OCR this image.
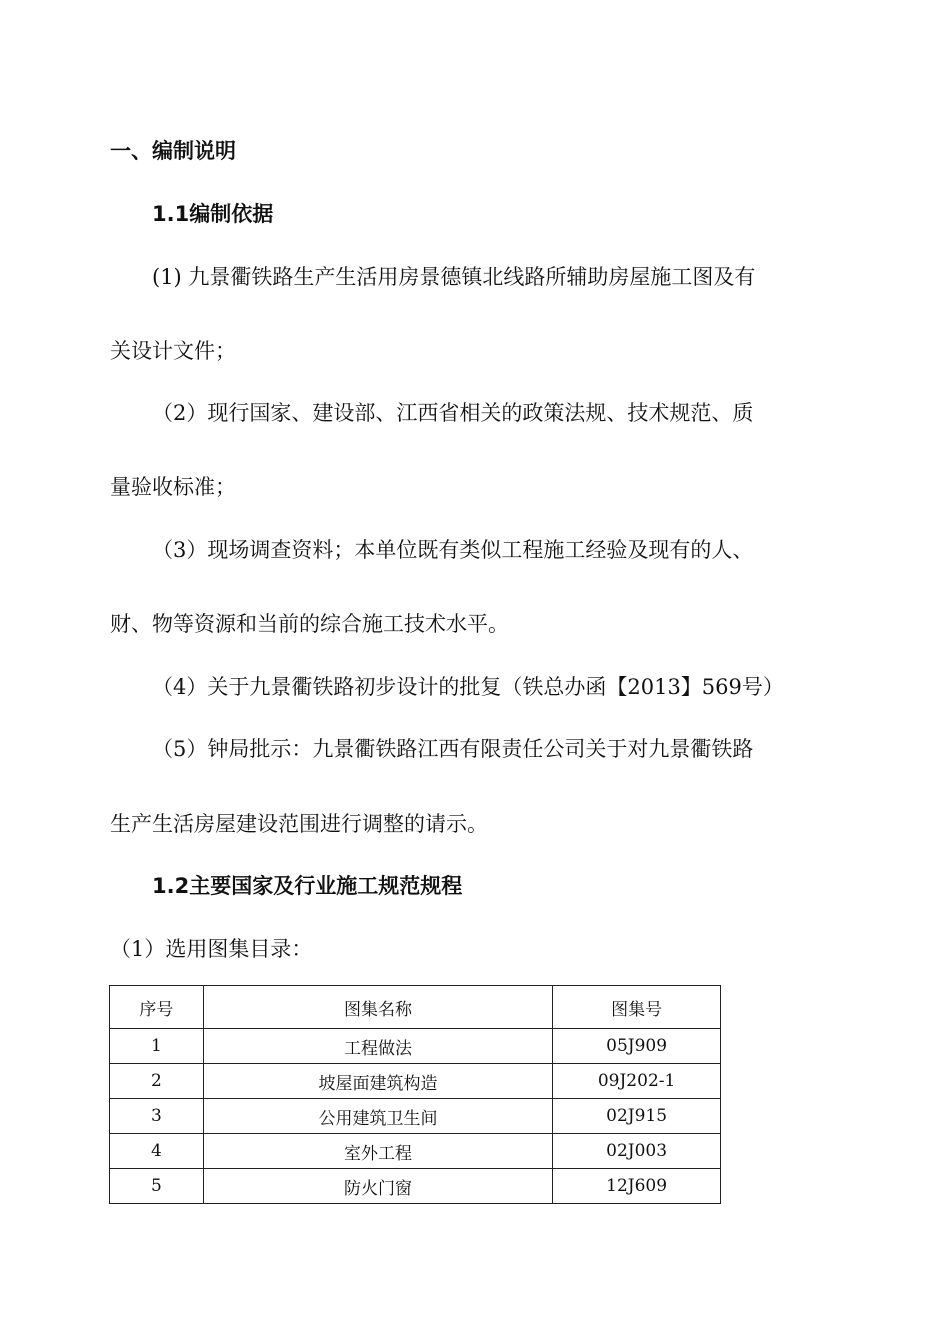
一、编制说明
1.1编制依据
(1) 九景衢铁路生产生活用房景德镇北线路所辅助房屋施工图及有
关设计文件；
（2）现行国家、建设部、江西省相关的政策法规、技术规范、质
量验收标准；
（3）现场调查资料；本单位既有类似工程施工经验及现有的人、
财、物等资源和当前的综合施工技术水平。
（4）关于九景衢铁路初步设计的批复（铁总办函【2013】569号）
（5）钟局批示：九景衢铁路江西有限责任公司关于对九景衢铁路
生产生活房屋建设范围进行调整的请示。
1.2主要国家及行业施工规范规程
（1）选用图集目录：
序号	图集名称	图集号
1	工程做法	05J909
2	坡屋面建筑构造	09J202-1
3	公用建筑卫生间	02J915
4	室外工程	02J003
5	防火门窗	12J609
